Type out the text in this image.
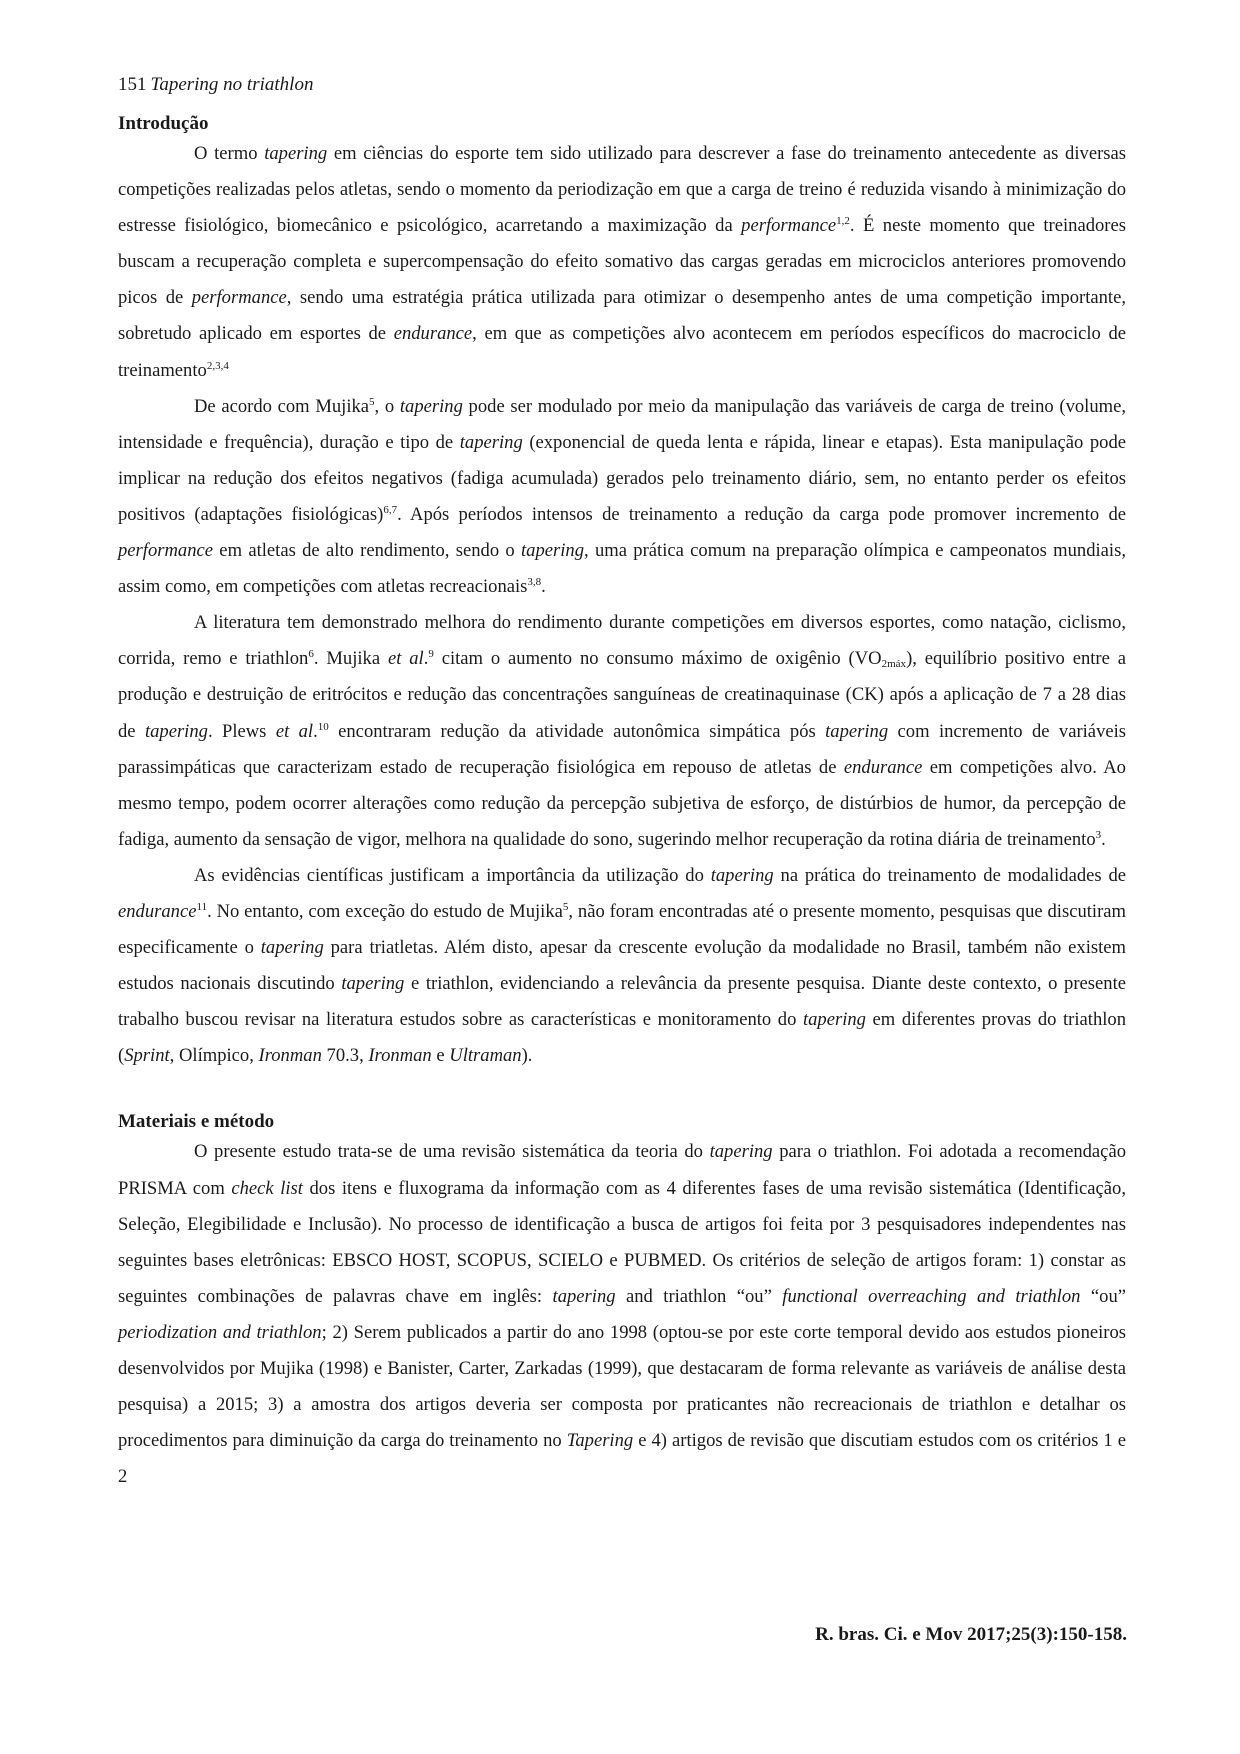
151 Tapering no triathlon
Introdução

O termo tapering em ciências do esporte tem sido utilizado para descrever a fase do treinamento antecedente as diversas competições realizadas pelos atletas, sendo o momento da periodização em que a carga de treino é reduzida visando à minimização do estresse fisiológico, biomecânico e psicológico, acarretando a maximização da performance$^{1,2}$. É neste momento que treinadores buscam a recuperação completa e supercompensação do efeito somativo das cargas geradas em microciclos anteriores promovendo picos de performance, sendo uma estratégia prática utilizada para otimizar o desempenho antes de uma competição importante, sobretudo aplicado em esportes de endurance, em que as competições alvo acontecem em períodos específicos do macrociclo de treinamento$^{2,3,4}$

De acordo com Mujika$^5$, o tapering pode ser modulado por meio da manipulação das variáveis de carga de treino (volume, intensidade e frequência), duração e tipo de tapering (exponencial de queda lenta e rápida, linear e etapas). Esta manipulação pode implicar na redução dos efeitos negativos (fadiga acumulada) gerados pelo treinamento diário, sem, no entanto perder os efeitos positivos (adaptações fisiológicas)$^{6,7}$. Após períodos intensos de treinamento a redução da carga pode promover incremento de performance em atletas de alto rendimento, sendo o tapering, uma prática comum na preparação olímpica e campeonatos mundiais, assim como, em competições com atletas recreacionais$^{3,8}$.

A literatura tem demonstrado melhora do rendimento durante competições em diversos esportes, como natação, ciclismo, corrida, remo e triathlon$^6$. Mujika et al.$^9$ citam o aumento no consumo máximo de oxigênio $(VO_{2máx})$, equilíbrio positivo entre a produção e destruição de eritrócitos e redução das concentrações sanguíneas de creatinaquinase (CK) após a aplicação de 7 a 28 dias de tapering. Plews et al.$^{10}$ encontraram redução da atividade autonômica simpática pós tapering com incremento de variáveis parassimpáticas que caracterizam estado de recuperação fisiológica em repouso de atletas de endurance em competições alvo. Ao mesmo tempo, podem ocorrer alterações como redução da percepção subjetiva de esforço, de distúrbios de humor, da percepção de fadiga, aumento da sensação de vigor, melhora na qualidade do sono, sugerindo melhor recuperação da rotina diária de treinamento$^3$.

As evidências científicas justificam a importância da utilização do tapering na prática do treinamento de modalidades de endurance$^{11}$. No entanto, com exceção do estudo de Mujika$^5$, não foram encontradas até o presente momento, pesquisas que discutiram especificamente o tapering para triatletas. Além disto, apesar da crescente evolução da modalidade no Brasil, também não existem estudos nacionais discutindo tapering e triathlon, evidenciando a relevância da presente pesquisa. Diante deste contexto, o presente trabalho buscou revisar na literatura estudos sobre as características e monitoramento do tapering em diferentes provas do triathlon (Sprint, Olímpico, Ironman 70.3, Ironman e Ultraman).

Materiais e método

O presente estudo trata-se de uma revisão sistemática da teoria do tapering para o triathlon. Foi adotada a recomendação PRISMA com check list dos itens e fluxograma da informação com as 4 diferentes fases de uma revisão sistemática (Identificação, Seleção, Elegibilidade e Inclusão). No processo de identificação a busca de artigos foi feita por 3 pesquisadores independentes nas seguintes bases eletrônicas: EBSCO HOST, SCOPUS, SCIELO e PUBMED. Os critérios de seleção de artigos foram: 1) constar as seguintes combinações de palavras chave em inglês: tapering and triathlon “ou” functional overreaching and triathlon “ou” periodization and triathlon; 2) Serem publicados a partir do ano 1998 (optou-se por este corte temporal devido aos estudos pioneiros desenvolvidos por Mujika (1998) e Banister, Carter, Zarkadas (1999), que destacaram de forma relevante as variáveis de análise desta pesquisa) a 2015; 3) a amostra dos artigos deveria ser composta por praticantes não recreacionais de triathlon e detalhar os procedimentos para diminuição da carga do treinamento no Tapering e 4) artigos de revisão que discutiam estudos com os critérios 1 e 2

R. bras. Ci. e Mov 2017;25(3):150-158.
